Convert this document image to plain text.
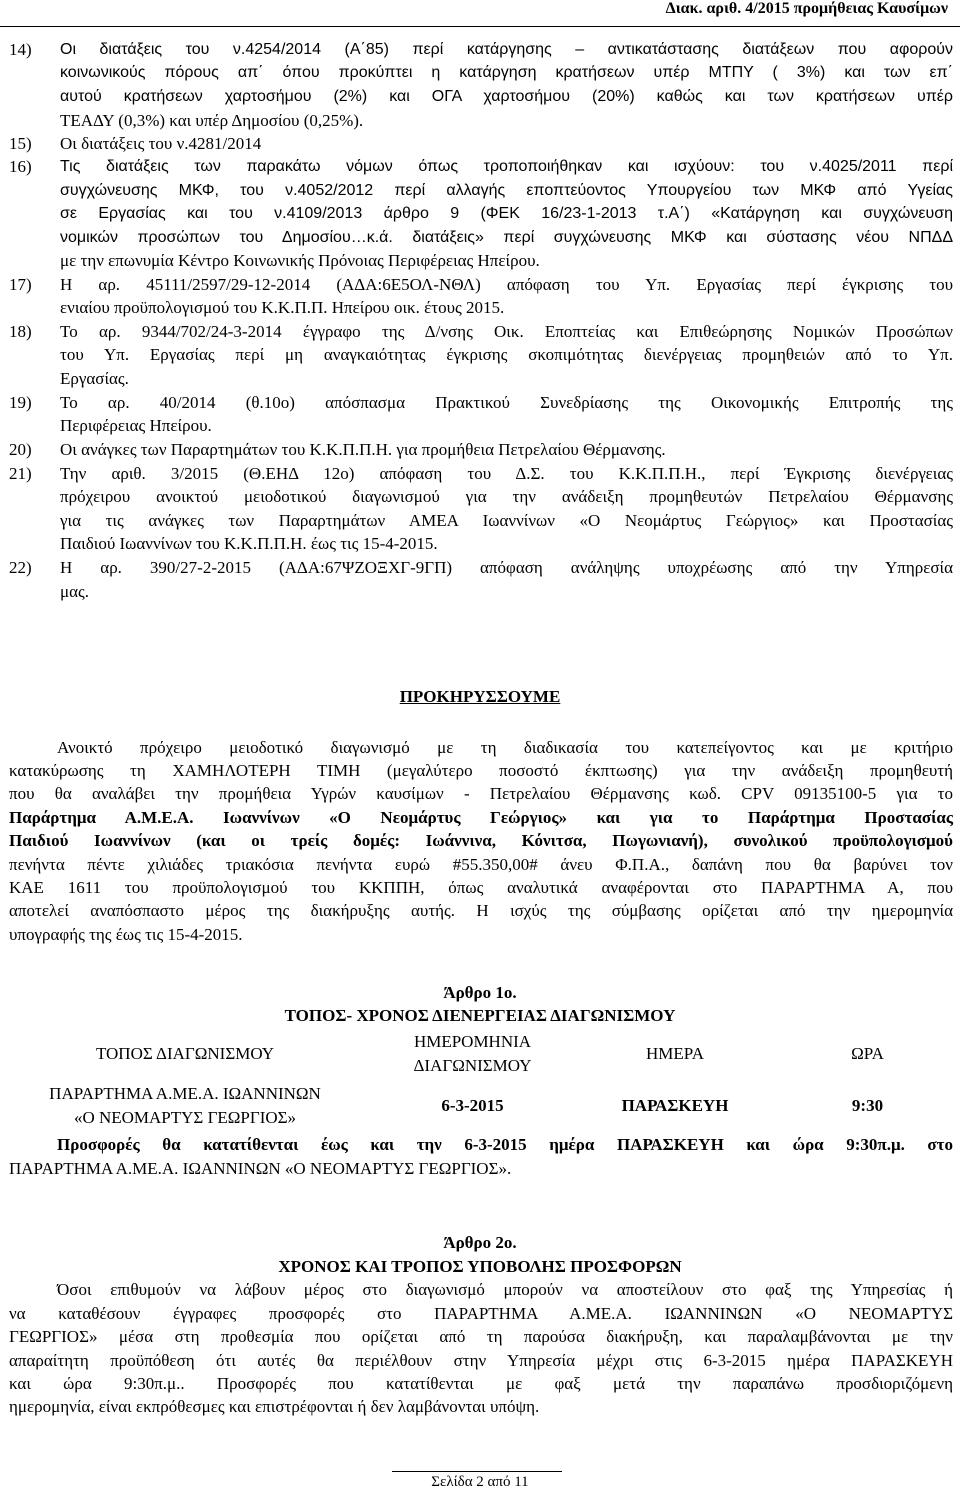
Διακ. αριθ. 4/2015 προμήθειας Καυσίμων
14) Οι διατάξεις του ν.4254/2014 (Α΄85) περί κατάργησης – αντικατάστασης διατάξεων που αφορούν
κοινωνικούς πόρους απ΄ όπου προκύπτει η κατάργηση κρατήσεων υπέρ ΜΤΠΥ ( 3%) και των επ΄
αυτού κρατήσεων χαρτοσήμου (2%) και ΟΓΑ χαρτοσήμου (20%) καθώς και των κρατήσεων υπέρ
ΤΕΑΔΥ (0,3%) και υπέρ Δημοσίου (0,25%).
15) Οι διατάξεις του ν.4281/2014
16) Τις διατάξεις των παρακάτω νόμων όπως τροποποιήθηκαν και ισχύουν: του ν.4025/2011 περί
συγχώνευσης ΜΚΦ, του ν.4052/2012 περί αλλαγής εποπτεύοντος Υπουργείου των ΜΚΦ από Υγείας
σε Εργασίας και του ν.4109/2013 άρθρο 9 (ΦΕΚ 16/23-1-2013 τ.Α΄) «Κατάργηση και συγχώνευση
νομικών προσώπων του Δημοσίου…κ.ά. διατάξεις» περί συγχώνευσης ΜΚΦ και σύστασης νέου ΝΠΔΔ
με την επωνυμία Κέντρο Κοινωνικής Πρόνοιας Περιφέρειας Ηπείρου.
17) Η αρ. 45111/2597/29-12-2014 (ΑΔΑ:6Ε5ΟΛ-ΝΘΛ) απόφαση του Υπ. Εργασίας περί έγκρισης του
ενιαίου προϋπολογισμού του Κ.Κ.Π.Π. Ηπείρου οικ. έτους 2015.
18) Το αρ. 9344/702/24-3-2014 έγγραφο της Δ/νσης Οικ. Εποπτείας και Επιθεώρησης Νομικών Προσώπων
του Υπ. Εργασίας περί μη αναγκαιότητας έγκρισης σκοπιμότητας διενέργειας προμηθειών από το Υπ.
Εργασίας.
19) Το αρ. 40/2014 (θ.10ο) απόσπασμα Πρακτικού Συνεδρίασης της Οικονομικής Επιτροπής της
Περιφέρειας Ηπείρου.
20) Οι ανάγκες των Παραρτημάτων του Κ.Κ.Π.Π.Η. για προμήθεια Πετρελαίου Θέρμανσης.
21) Την αριθ. 3/2015 (Θ.ΕΗΔ 12ο) απόφαση του Δ.Σ. του Κ.Κ.Π.Π.Η., περί Έγκρισης διενέργειας
πρόχειρου ανοικτού μειοδοτικού διαγωνισμού για την ανάδειξη προμηθευτών Πετρελαίου Θέρμανσης
για τις ανάγκες των Παραρτημάτων ΑΜΕΑ Ιωαννίνων «Ο Νεομάρτυς Γεώργιος» και Προστασίας
Παιδιού Ιωαννίνων του Κ.Κ.Π.Π.Η. έως τις 15-4-2015.
22) Η αρ. 390/27-2-2015 (ΑΔΑ:67ΨΖΟΞΧΓ-9ΓΠ) απόφαση ανάληψης υποχρέωσης από την Υπηρεσία
μας.
ΠΡΟΚΗΡΥΣΣΟΥΜΕ
Ανοικτό πρόχειρο μειοδοτικό διαγωνισμό με τη διαδικασία του κατεπείγοντος και με κριτήριο
κατακύρωσης τη ΧΑΜΗΛΟΤΕΡΗ ΤΙΜΗ (μεγαλύτερο ποσοστό έκπτωσης) για την ανάδειξη προμηθευτή
που θα αναλάβει την προμήθεια Υγρών καυσίμων - Πετρελαίου Θέρμανσης κωδ. CPV 09135100-5 για το
Παράρτημα Α.Μ.Ε.Α. Ιωαννίνων «Ο Νεομάρτυς Γεώργιος» και για το Παράρτημα Προστασίας
Παιδιού Ιωαννίνων (και οι τρείς δομές: Ιωάννινα, Κόνιτσα, Πωγωνιανή), συνολικού προϋπολογισμού
πενήντα πέντε χιλιάδες τριακόσια πενήντα ευρώ #55.350,00# άνευ Φ.Π.Α., δαπάνη που θα βαρύνει τον
ΚΑΕ 1611 του προϋπολογισμού του ΚΚΠΠΗ, όπως αναλυτικά αναφέρονται στο ΠΑΡΑΡΤΗΜΑ Α, που
αποτελεί αναπόσπαστο μέρος της διακήρυξης αυτής. Η ισχύς της σύμβασης ορίζεται από την ημερομηνία
υπογραφής της έως τις 15-4-2015.
Άρθρο 1ο.
ΤΟΠΟΣ- ΧΡΟΝΟΣ ΔΙΕΝΕΡΓΕΙΑΣ ΔΙΑΓΩΝΙΣΜΟΥ
ΤΟΠΟΣ ΔΙΑΓΩΝΙΣΜΟΥ	ΗΜΕΡΟΜΗΝΙΑ ΔΙΑΓΩΝΙΣΜΟΥ	ΗΜΕΡΑ	ΩΡΑ

ΠΑΡΑΡΤΗΜΑ Α.ΜΕ.Α. ΙΩΑΝΝΙΝΩΝ
«Ο ΝΕΟΜΑΡΤΥΣ ΓΕΩΡΓΙΟΣ»	6-3-2015	ΠΑΡΑΣΚΕΥΗ	9:30
Προσφορές θα κατατίθενται έως και την 6-3-2015 ημέρα ΠΑΡΑΣΚΕΥΗ και ώρα 9:30π.μ. στο
ΠΑΡΑΡΤΗΜΑ Α.ΜΕ.Α. ΙΩΑΝΝΙΝΩΝ «Ο ΝΕΟΜΑΡΤΥΣ ΓΕΩΡΓΙΟΣ».
Άρθρο 2ο.
ΧΡΟΝΟΣ ΚΑΙ ΤΡΟΠΟΣ ΥΠΟΒΟΛΗΣ ΠΡΟΣΦΟΡΩΝ
Όσοι επιθυμούν να λάβουν μέρος στο διαγωνισμό μπορούν να αποστείλουν στο φαξ της Υπηρεσίας ή
να καταθέσουν έγγραφες προσφορές στο ΠΑΡΑΡΤΗΜΑ Α.ΜΕ.Α. ΙΩΑΝΝΙΝΩΝ «Ο ΝΕΟΜΑΡΤΥΣ
ΓΕΩΡΓΙΟΣ» μέσα στη προθεσμία που ορίζεται από τη παρούσα διακήρυξη, και παραλαμβάνονται με την
απαραίτητη προϋπόθεση ότι αυτές θα περιέλθουν στην Υπηρεσία μέχρι στις 6-3-2015 ημέρα ΠΑΡΑΣΚΕΥΗ
και ώρα 9:30π.μ.. Προσφορές που κατατίθενται με φαξ μετά την παραπάνω προσδιοριζόμενη
ημερομηνία, είναι εκπρόθεσμες και επιστρέφονται ή δεν λαμβάνονται υπόψη.
Σελίδα 2 από 11
